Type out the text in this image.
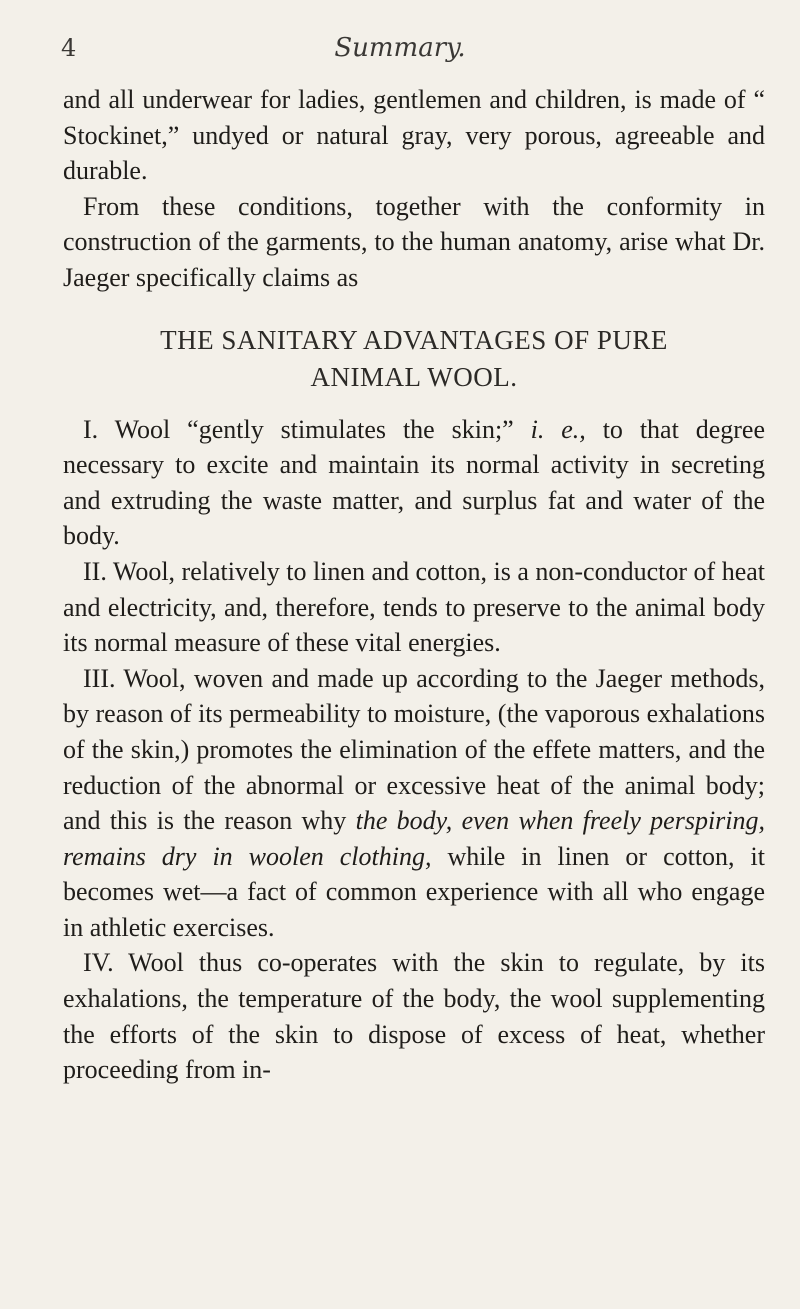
4	Summary.

and all underwear for ladies, gentlemen and children, is made of “ Stockinet,” undyed or natural gray, very porous, agreeable and durable.

From these conditions, together with the conformity in construction of the garments, to the human anatomy, arise what Dr. Jaeger specifically claims as

THE SANITARY ADVANTAGES OF PURE
ANIMAL WOOL.

I. Wool “gently stimulates the skin;” i. e., to that degree necessary to excite and maintain its normal activity in secreting and extruding the waste matter, and surplus fat and water of the body.

II. Wool, relatively to linen and cotton, is a non-conductor of heat and electricity, and, therefore, tends to preserve to the animal body its normal measure of these vital energies.

III. Wool, woven and made up according to the Jaeger methods, by reason of its permeability to moisture, (the vaporous exhalations of the skin,) promotes the elimination of the effete matters, and the reduction of the abnormal or excessive heat of the animal body; and this is the reason why the body, even when freely perspiring, remains dry in woolen clothing, while in linen or cotton, it becomes wet—a fact of common experience with all who engage in athletic exercises.

IV. Wool thus co-operates with the skin to regulate, by its exhalations, the temperature of the body, the wool supplementing the efforts of the skin to dispose of excess of heat, whether proceeding from in-
